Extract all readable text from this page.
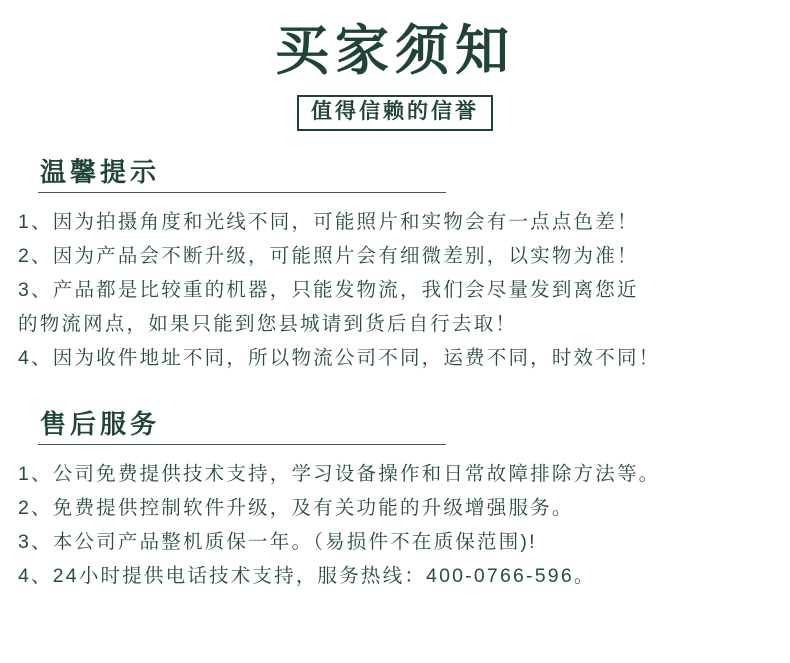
买家须知
值得信赖的信誉
温馨提示
1、因为拍摄角度和光线不同，可能照片和实物会有一点点色差！
2、因为产品会不断升级，可能照片会有细微差别，以实物为准！
3、产品都是比较重的机器，只能发物流，我们会尽量发到离您近
的物流网点，如果只能到您县城请到货后自行去取！
4、因为收件地址不同，所以物流公司不同，运费不同，时效不同！
售后服务
1、公司免费提供技术支持，学习设备操作和日常故障排除方法等。
2、免费提供控制软件升级，及有关功能的升级增强服务。
3、本公司产品整机质保一年。（易损件不在质保范围)!
4、24小时提供电话技术支持，服务热线：400-0766-596。
